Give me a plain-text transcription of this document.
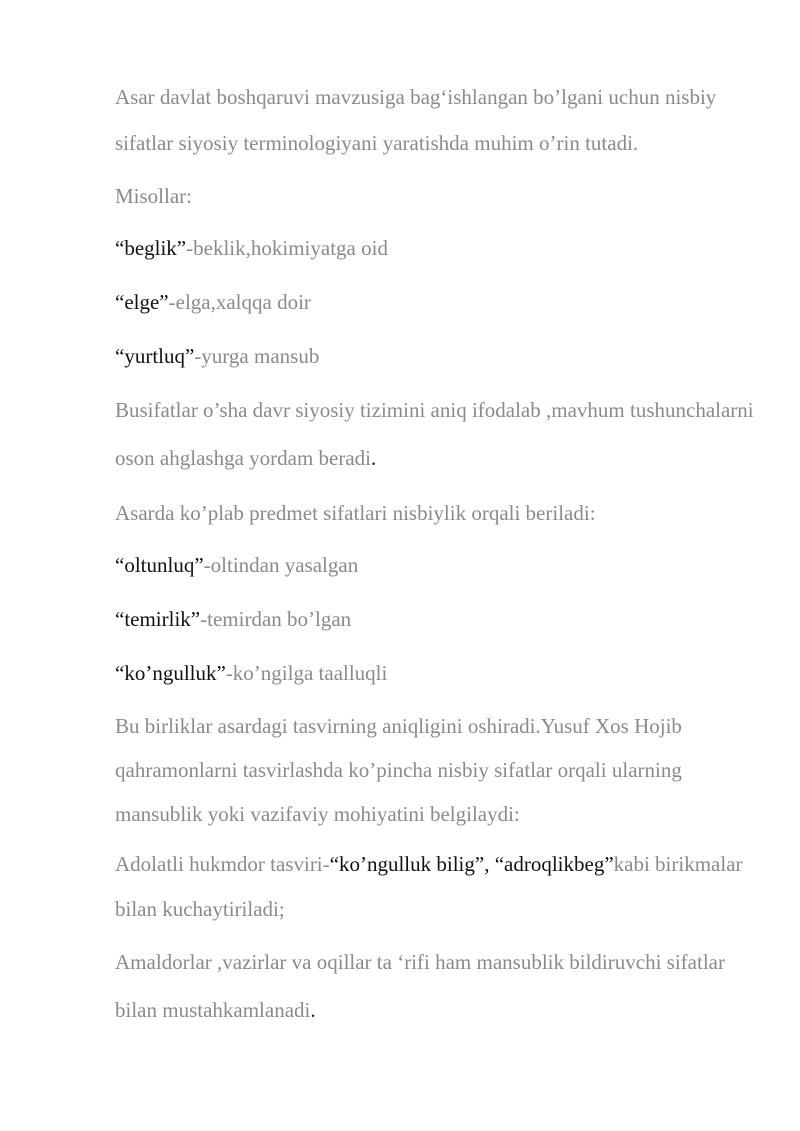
Asar davlat boshqaruvi mavzusiga bagʻishlangan bo’lgani uchun nisbiy sifatlar siyosiy terminologiyani yaratishda muhim o’rin tutadi.

Misollar:

“beglik”-beklik,hokimiyatga oid

“elge”-elga,xalqqa doir

“yurtluq”-yurga mansub

Busifatlar o’sha davr siyosiy tizimini aniq ifodalab ,mavhum tushunchalarni oson ahglashga yordam beradi.

Asarda ko’plab predmet sifatlari nisbiylik orqali beriladi:

“oltunluq”-oltindan yasalgan

“temirlik”-temirdan bo’lgan

“ko’ngulluk”-ko’ngilga taalluqli

Bu birliklar asardagi tasvirning aniqligini oshiradi.Yusuf Xos Hojib qahramonlarni tasvirlashda ko’pincha nisbiy sifatlar orqali ularning mansublik yoki vazifaviy mohiyatini belgilaydi:

Adolatli hukmdor tasviri-“ko’ngulluk bilig”, “adroqlikbeg”kabi birikmalar bilan kuchaytiriladi;

Amaldorlar ,vazirlar va oqillar ta ‘rifi ham mansublik bildiruvchi sifatlar bilan mustahkamlanadi.
